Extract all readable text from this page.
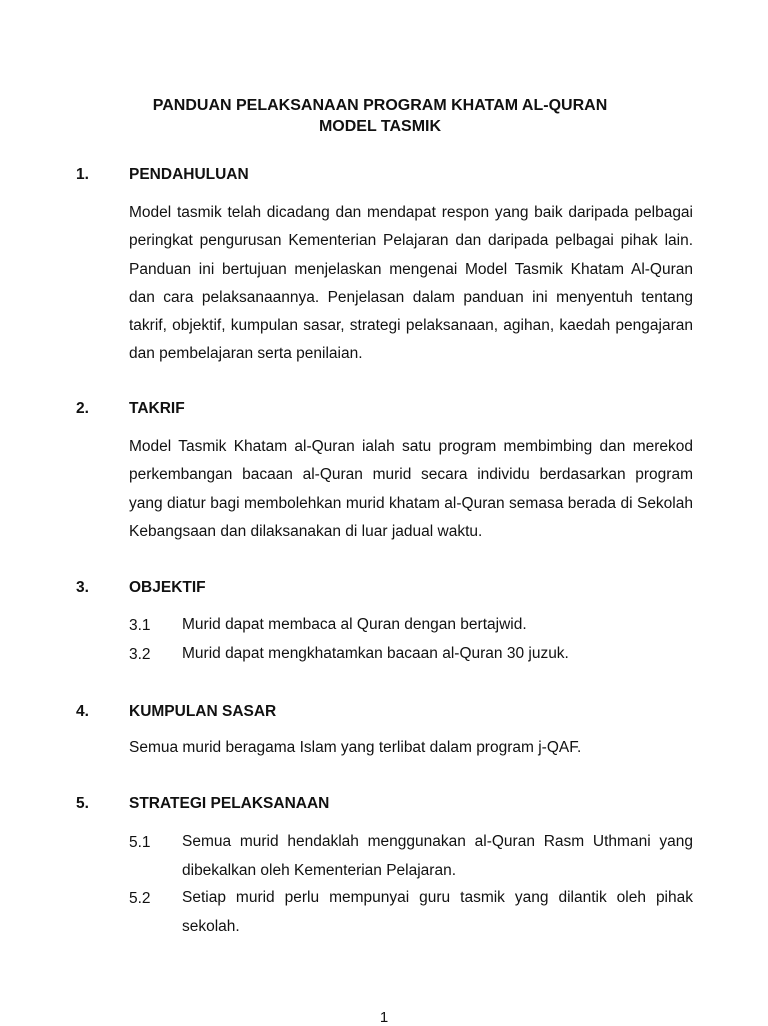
PANDUAN PELAKSANAAN PROGRAM KHATAM AL-QURAN
MODEL TASMIK
1.	PENDAHULUAN

Model tasmik telah dicadang dan mendapat respon yang baik daripada pelbagai peringkat pengurusan Kementerian Pelajaran dan daripada pelbagai pihak lain. Panduan ini bertujuan menjelaskan mengenai Model Tasmik Khatam Al-Quran dan cara pelaksanaannya. Penjelasan dalam panduan ini menyentuh tentang takrif, objektif, kumpulan sasar, strategi pelaksanaan, agihan, kaedah pengajaran dan pembelajaran serta penilaian.

2.	TAKRIF

Model Tasmik Khatam al-Quran ialah satu program membimbing dan merekod perkembangan bacaan al-Quran murid secara individu berdasarkan program yang diatur bagi membolehkan murid khatam al-Quran semasa berada di Sekolah Kebangsaan dan dilaksanakan di luar jadual waktu.

3.	OBJEKTIF
3.1 Murid dapat membaca al Quran dengan bertajwid.

3.2 Murid dapat mengkhatamkan bacaan al-Quran 30 juzuk.

4.	KUMPULAN SASAR

Semua murid beragama Islam yang terlibat dalam program j-QAF.

5.	STRATEGI PELAKSANAAN
5.1 Semua murid hendaklah menggunakan al-Quran Rasm Uthmani yang dibekalkan oleh Kementerian Pelajaran.

5.2 Setiap murid perlu mempunyai guru tasmik yang dilantik oleh pihak sekolah.

1
